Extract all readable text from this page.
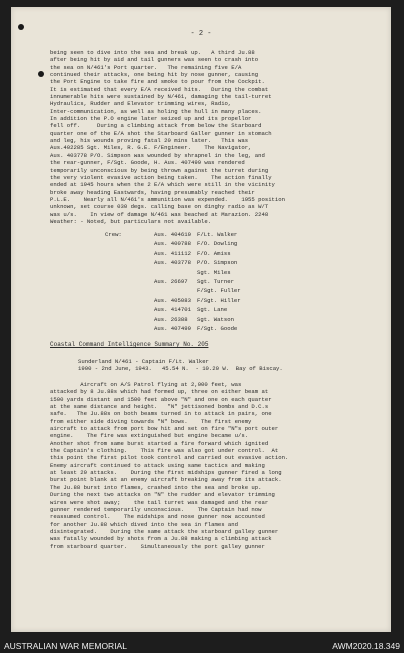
- 2 -
being seen to dive into the sea and break up.   A third Ju.88
after being hit by aid and tail gunners was seen to crash into
the sea on N/461's Port quarter.   The remaining five E/A
continued their attacks, one being hit by nose gunner, causing
the Port Engine to take fire and smoke to pour from the Cockpit.
It is estimated that every E/A received hits.   During the combat
innumerable hits were sustained by N/461, damaging the tail-turret
Hydraulics, Rudder and Elevator trimming wires, Radio,
Inter-communication, as well as holing the hull in many places.
In addition the P.O engine later seized up and its propellor
fell off.     During a climbing attack from below the Starboard
quarter one of the E/A shot the Starboard Galler gunner in stomach
and leg, his wounds proving fatal 20 mins later.   This was
Aus.402285 Sgt. Miles, R. G.E. F/Engineer.    The Navigator,
Aus. 403778 P/O. Simpson was wounded by shrapnel in the leg, and
the rear-gunner, F/Sgt. Goode, H. Aus. 407499 was rendered
temporarily unconscious by being thrown against the turret during
the very violent evasive action being taken.    The action finally
ended at 1945 hours when the 2 E/A which were still in the vicinity
broke away heading Eastwards, having presumably reached their
P.L.E.    Nearly all N/461's ammunition was expended.    1955 position
unknown, set course 030 degs. calling base on dinghy radio as W/T
was u/s.    In view of damage N/461 was beached at Marazion. 2248
Weather: - Noted, but particulars not available.
Crew:
Coastal Command Intelligence Summary No. 205
Sunderland N/461 - Captain F/Lt. Walker
1900 - 2nd June, 1943.   45.54 N.  - 10.20 W.  Bay of Biscay.
Aircraft on A/S Patrol flying at 2,000 feet, was
attacked by 8 Ju.88s which had formed up, three on either beam at
1500 yards distant and 1500 feet above "N" and one on each quarter
at the same distance and height.   "N" jettisoned bombs and D.C.s
safe.   The Ju.88s on both beams turned in to attack in pairs, one
from either side diving towards "N" bows.    The first enemy
aircraft to attack from port bow hit and set on fire "N"s port outer
engine.    The fire was extinguished but engine became u/s.
Another shot from same burst started a fire forward which ignited
the Captain's clothing.    This fire was also got under control.  At
this point the first pilot took control and carried out evasive action.
Enemy aircraft continued to attack using same tactics and making
at least 20 attacks.    During the first midships gunner fired a long
burst point blank at an enemy aircraft breaking away from its attack.
The Ju.88 burst into flames, crashed into the sea and broke up.
During the next two attacks on "N" the rudder and elevator trimming
wires were shot away;    the tail turret was damaged and the rear
gunner rendered temporarily unconscious.    The Captain had now
reassumed control.    The midships and nose gunner now accounted
for another Ju.88 which dived into the sea in flames and
disintegrated.    During the same attack the starboard galley gunner
was fatally wounded by shots from a Ju.88 making a climbing attack
from starboard quarter.    Simultaneously the port galley gunner
Aus. 404610 F/Lt. Walker
Aus. 400788 F/O. Dowling
Aus. 411112 F/O. Amiss
Aus. 403778 P/O. Simpson
Sgt. Miles
Aus. 26697 Sgt. Turner
F/Sgt. Fuller
Aus. 405083 F/Sgt. Hiller
Aus. 414701 Sgt. Lane
Aus. 26388 Sgt. Watson
Aus. 407499 F/Sgt. Goode
AUSTRALIAN WAR MEMORIAL	AWM2020.18.349
